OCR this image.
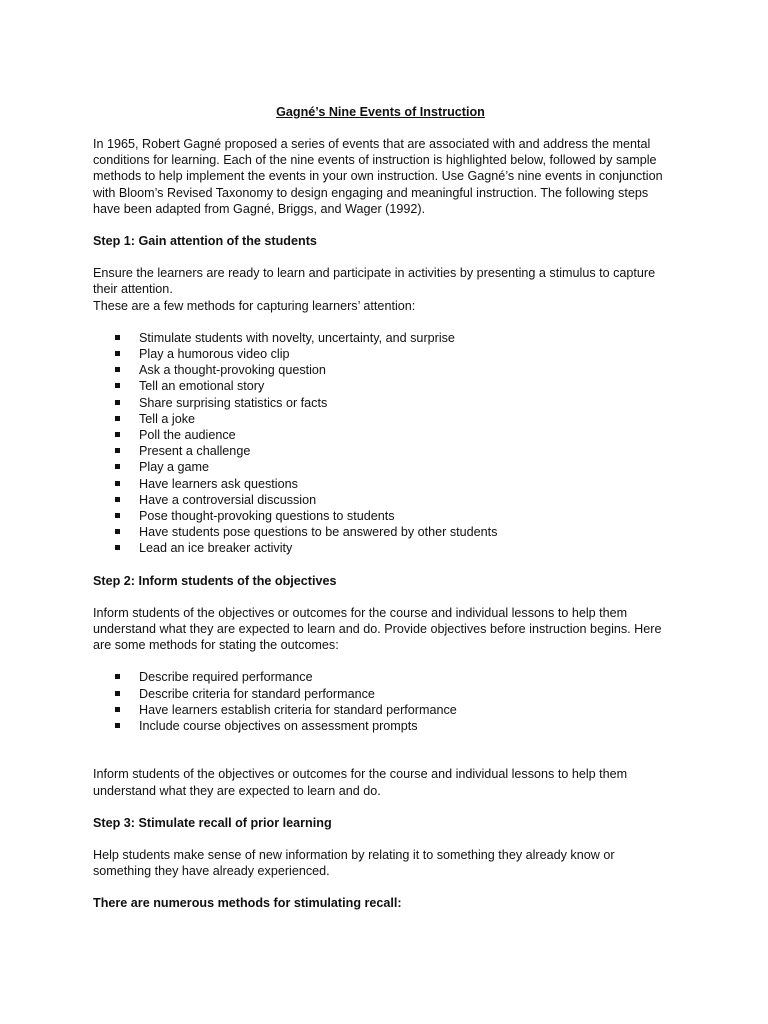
Gagné’s Nine Events of Instruction

In 1965, Robert Gagné proposed a series of events that are associated with and address the mental conditions for learning. Each of the nine events of instruction is highlighted below, followed by sample methods to help implement the events in your own instruction. Use Gagné’s nine events in conjunction with Bloom’s Revised Taxonomy to design engaging and meaningful instruction. The following steps have been adapted from Gagné, Briggs, and Wager (1992).

Step 1: Gain attention of the students

Ensure the learners are ready to learn and participate in activities by presenting a stimulus to capture their attention.

These are a few methods for capturing learners’ attention:

Stimulate students with novelty, uncertainty, and surprise
Play a humorous video clip
Ask a thought-provoking question
Tell an emotional story
Share surprising statistics or facts
Tell a joke
Poll the audience
Present a challenge
Play a game
Have learners ask questions
Have a controversial discussion
Pose thought-provoking questions to students
Have students pose questions to be answered by other students
Lead an ice breaker activity
Step 2: Inform students of the objectives

Inform students of the objectives or outcomes for the course and individual lessons to help them understand what they are expected to learn and do. Provide objectives before instruction begins. Here are some methods for stating the outcomes:

Describe required performance
Describe criteria for standard performance
Have learners establish criteria for standard performance
Include course objectives on assessment prompts

Inform students of the objectives or outcomes for the course and individual lessons to help them understand what they are expected to learn and do.

Step 3: Stimulate recall of prior learning

Help students make sense of new information by relating it to something they already know or something they have already experienced.

There are numerous methods for stimulating recall:
